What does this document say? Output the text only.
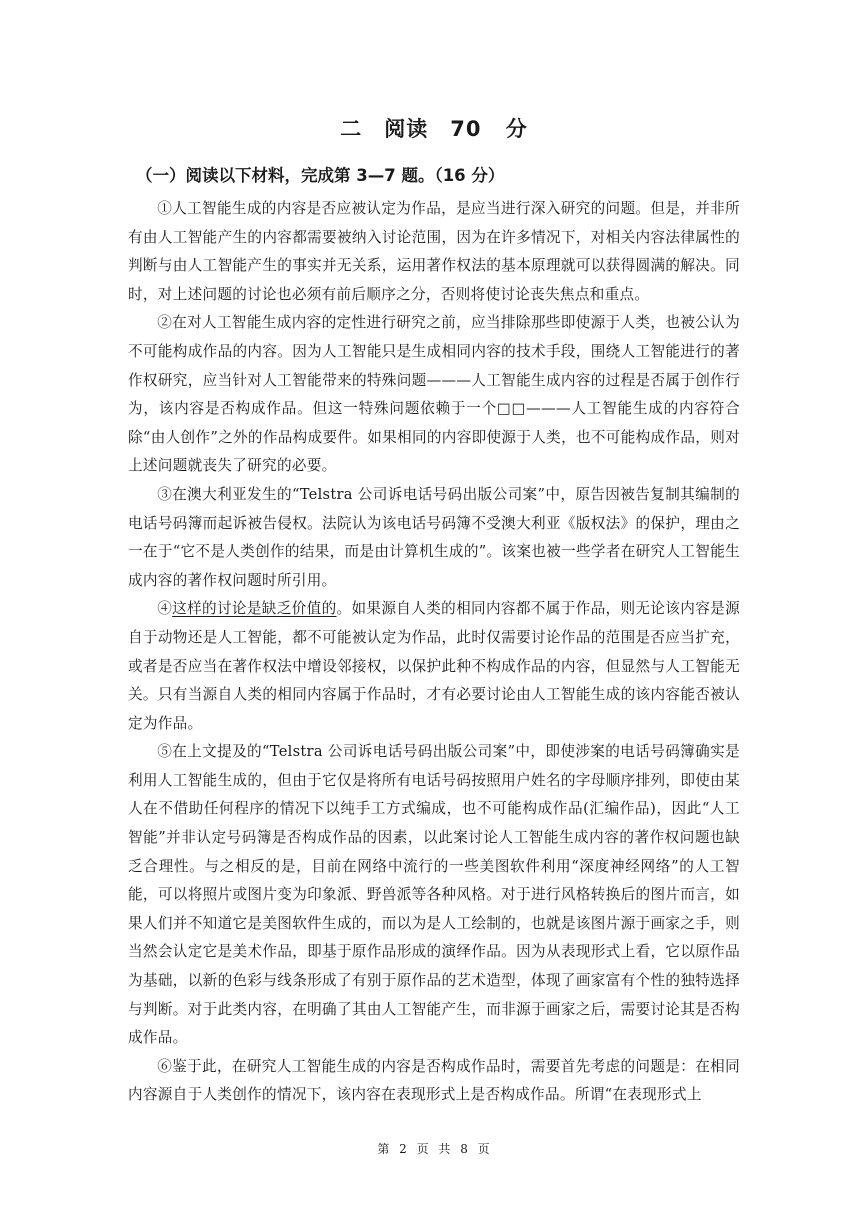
二　阅读　70 分
（一）阅读以下材料，完成第 3—7 题。（16 分）

①人工智能生成的内容是否应被认定为作品，是应当进行深入研究的问题。但是，并非所有由人工智能产生的内容都需要被纳入讨论范围，因为在许多情况下，对相关内容法律属性的判断与由人工智能产生的事实并无关系，运用著作权法的基本原理就可以获得圆满的解决。同时，对上述问题的讨论也必须有前后顺序之分，否则将使讨论丧失焦点和重点。

②在对人工智能生成内容的定性进行研究之前，应当排除那些即使源于人类，也被公认为不可能构成作品的内容。因为人工智能只是生成相同内容的技术手段，围绕人工智能进行的著作权研究，应当针对人工智能带来的特殊问题———人工智能生成内容的过程是否属于创作行为，该内容是否构成作品。但这一特殊问题依赖于一个□□———人工智能生成的内容符合除“由人创作”之外的作品构成要件。如果相同的内容即使源于人类，也不可能构成作品，则对上述问题就丧失了研究的必要。

③在澳大利亚发生的“Telstra 公司诉电话号码出版公司案”中，原告因被告复制其编制的电话号码簿而起诉被告侵权。法院认为该电话号码簿不受澳大利亚《版权法》的保护，理由之一在于“它不是人类创作的结果，而是由计算机生成的”。该案也被一些学者在研究人工智能生成内容的著作权问题时所引用。

④这样的讨论是缺乏价值的。如果源自人类的相同内容都不属于作品，则无论该内容是源自于动物还是人工智能，都不可能被认定为作品，此时仅需要讨论作品的范围是否应当扩充，或者是否应当在著作权法中增设邻接权，以保护此种不构成作品的内容，但显然与人工智能无关。只有当源自人类的相同内容属于作品时，才有必要讨论由人工智能生成的该内容能否被认定为作品。

⑤在上文提及的“Telstra 公司诉电话号码出版公司案”中，即使涉案的电话号码簿确实是利用人工智能生成的，但由于它仅是将所有电话号码按照用户姓名的字母顺序排列，即使由某人在不借助任何程序的情况下以纯手工方式编成，也不可能构成作品(汇编作品)，因此“人工智能”并非认定号码簿是否构成作品的因素，以此案讨论人工智能生成内容的著作权问题也缺乏合理性。与之相反的是，目前在网络中流行的一些美图软件利用“深度神经网络”的人工智能，可以将照片或图片变为印象派、野兽派等各种风格。对于进行风格转换后的图片而言，如果人们并不知道它是美图软件生成的，而以为是人工绘制的，也就是该图片源于画家之手，则当然会认定它是美术作品，即基于原作品形成的演绎作品。因为从表现形式上看，它以原作品为基础，以新的色彩与线条形成了有别于原作品的艺术造型，体现了画家富有个性的独特选择与判断。对于此类内容，在明确了其由人工智能产生，而非源于画家之后，需要讨论其是否构成作品。

⑥鉴于此，在研究人工智能生成的内容是否构成作品时，需要首先考虑的问题是：在相同内容源自于人类创作的情况下，该内容在表现形式上是否构成作品。所谓“在表现形式上

第 2 页 共 8 页
